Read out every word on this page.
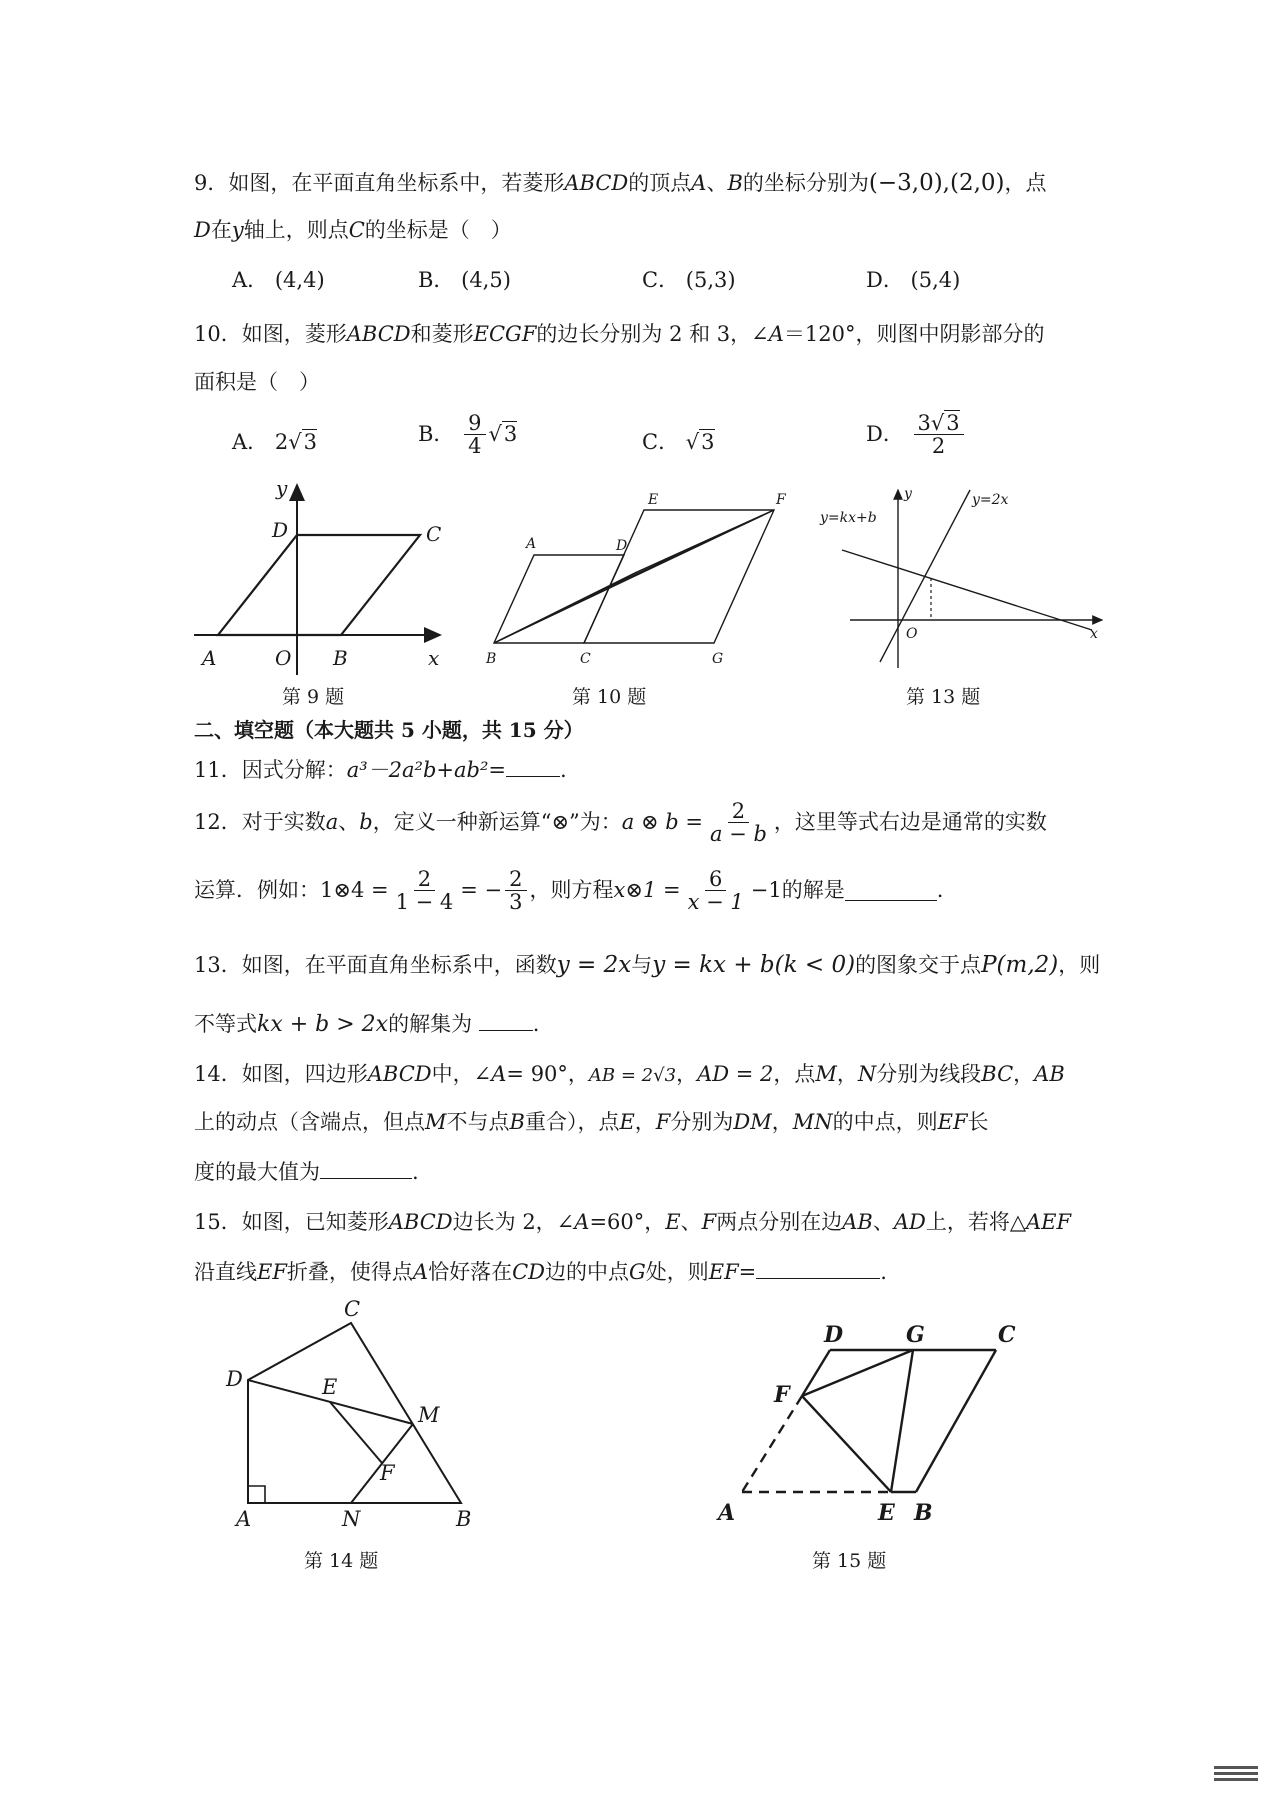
9．如图，在平面直角坐标系中，若菱形ABCD的顶点A、B的坐标分别为(−3,0),(2,0)，点
D在y轴上，则点C的坐标是（　）
A． (4,4)	B． (4,5)	C． (5,3)	D． (5,4)
10．如图，菱形ABCD和菱形ECGF的边长分别为 2 和 3，∠A＝120°，则图中阴影部分的
面积是（　）
A． 2√3	B． $\frac{9}{4} √3$	C． √3	D． $\frac{3√3}{2}$
y
D	C
A	O B	x
第 9 题
E	F
A	D
B	C	G
第 10 题
y
y=kx+b
y=2x
O	x
第 13 题
二、填空题（本大题共 5 小题，共 15 分）
11．因式分解：a³－2a²b+ab²=	.
12．对于实数a、b，定义一种新运算“⊗”为：a ⊗ $b = \frac{2}{a - b}$ ，这里等式右边是通常的实数
运算．例如：1⊗4 = $\frac{2}{1 - 4}$ = − $\frac{2}{3}$ ，则方程x⊗1 = $\frac{6}{x - 1} -1$的解是	.
13．如图，在平面直角坐标系中，函数y = 2x与y = kx + b(k < 0)的图象交于点P(m,2)，则
不等式kx + b > 2x的解集为	.
14．如图，四边形ABCD中，∠A= 90°，AB = 2√3，AD = 2，点M，N分别为线段BC，AB
上的动点（含端点，但点M不与点B重合），点E，F分别为DM，MN的中点，则EF长
度的最大值为	.
15．如图，已知菱形ABCD边长为 2，∠A=60°，E、F两点分别在边AB、AD上，若将△AEF
沿直线EF折叠，使得点A恰好落在CD边的中点G处，则EF=	.
C
D	E
M
F
A	N	B
第 14 题
D	G	C
F
A	E B
第 15 题
